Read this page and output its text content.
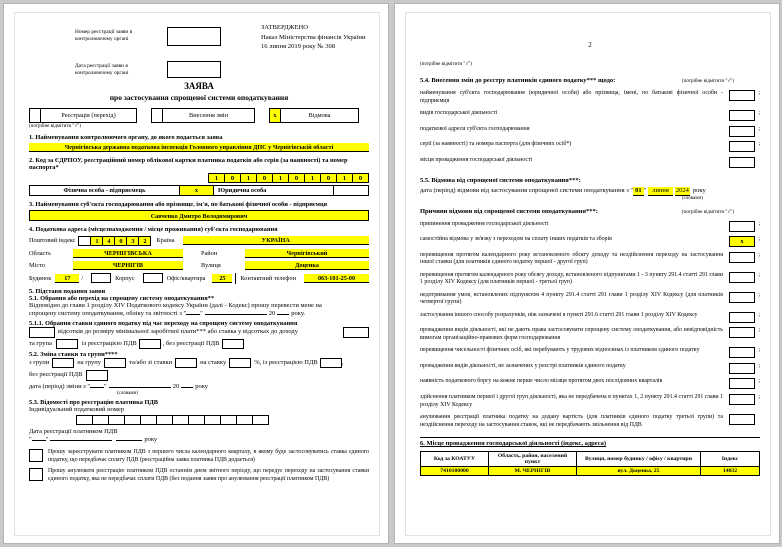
Номер реєстрації заяви в контролюючому органі
Дата реєстрації заяви в контролюючому органі
ЗАТВЕРДЖЕНО
Наказ Міністерства фінансів України
16 липня 2019 року № 308
ЗАЯВА
про застосування спрощеної системи оподаткування
Реєстрація (перехід)	Внесення змін	x	Відмова
(потрібне відмітити "√")
1. Найменування контролюючого органу, до якого подається заява
Чернігівська державна податкова інспекція Головного управління ДПС у Чернігівській області
2. Код за ЄДРПОУ, реєстраційний номер облікової картки платника податків або серія (за наявності) та номер паспорта*
1	0	1	0	1	0	1	0	1	0
Фізична особа - підприємець	x	Юридична особа
3. Найменування суб'єкта господарювання або прізвище, ім'я, по батькові фізичної особи - підприємця
Савченко Дмитро Володимирович
4. Податкова адреса (місцезнаходження / місце проживання) суб'єкта господарювання
Поштовий індекс	1	4	0	3	2	Країна	УКРАЇНА
Область	ЧЕРНІГІВСЬКА	Район	Чернігівський
Місто	ЧЕРНІГІВ	Вулиця	Доценка
Будинок	17	/	Корпус	Офіс/квартира	25	Контактний телефон	063-101-25-00
5. Підстави подання заяви
5.1. Обрання або перехід на спрощену систему оподаткування**
Відповідно до глави 1 розділу XIV Податкового кодексу України (далі - Кодекс) прошу перевести мене на
спрощену систему оподаткування, обліку та звітності з " "	20 року.
5.1.1. Обрання ставки єдиного податку під час переходу на спрощену систему оподаткування
відсотків до розміру мінімальної заробітної плати*** або ставка у відсотках до доходу
та група	із реєстрацією ПДВ	, без реєстрації ПДВ
5.2. Зміна ставки та групи****
з групи	на групу	та/або зі ставки	на ставку	%, із реєстрацією ПДВ	,
без реєстрації ПДВ
дата (період) зміни з " "	20 року
(словами)
5.3. Відомості про реєстрацію платника ПДВ
Індивідуальний податковий номер
Дата реєстрації платником ПДВ
" "	року

Прошу зареєструвати платником ПДВ з першого числа календарного кварталу, в якому буде застосовуватись ставка єдиного податку, що передбачає сплату ПДВ (реєстраційна заява платника ПДВ додається)

Прошу анулювати реєстрацію платником ПДВ останнім днем звітного періоду, що передує переходу на застосування ставки єдиного податку, яка не передбачає сплати ПДВ (без подання заяви про анулювання реєстрації платником ПДВ)

2
(потрібне відмітити "√")
5.4. Внесення змін до реєстру платників єдиного податку*** щодо:	(потрібне відмітити "√")
найменування суб'єкта господарювання (юридичної особи) або прізвища, імені, по батькові фізичної особи - підприємця
;
видів господарської діяльності	;
податкової адреси суб'єкта господарювання	;
серії (за наявності) та номера паспорта (для фізичних осіб*)	;
місця провадження господарської діяльності
5.5. Відмова від спрощеної системи оподаткування***:
дата (період) відмови від застосування спрощеної системи оподаткування з " 01 " липня	2024 року
(словами)
Причини відмови від спрощеної системи оподаткування***:	(потрібне відмітити "√")
припинення провадження господарської діяльності	;
самостійна відмова у зв'язку з переходом на сплату інших податків та зборів	x	;
перевищення протягом календарного року встановленого обсягу доходу та нездійснення переходу на застосування іншої ставки (для платників єдиного податку першої - другої груп)
;
перевищення протягом календарного року обсягу доходу, встановленого підпунктами 1 - 3 пункту 291.4 статті 291 глави 1 розділу XIV Кодексу (для платників першої - третьої груп)
;
недотримання умов, встановлених підпунктом 4 пункту 291.4 статті 291 глави 1 розділу XIV Кодексу (для платників четвертої групи)
;
застосування іншого способу розрахунків, ніж зазначені в пункті 291.6 статті 291 глави 1 розділу XIV Кодексу	;
провадження видів діяльності, які не дають права застосовувати спрощену систему оподаткування, або невідповідність вимогам організаційно-правових форм господарювання
;
перевищення чисельності фізичних осіб, які перебувають у трудових відносинах із платником єдиного податку	;
провадження видів діяльності, не зазначених у реєстрі платників єдиного податку	;
наявність податкового боргу на кожне перше число місяця протягом двох послідовних кварталів	;
здійснення платником першої і другої груп діяльності, яка не передбачена в пунктах 1, 2 пункту 291.4 статті 291 глави 1 розділу XIV Кодексу
;
анулювання реєстрації платника податку на додану вартість (для платників єдиного податку третьої групи) та нездійснення переходу на застосування ставок, які не передбачають звільнення від ПДВ
6. Місце провадження господарської діяльності (індекс, адреса)
Код за КОАТУУ	Область, район, населений пункт	Вулиця, номер будинку / офісу / квартири	Індекс
7410100000	М. ЧЕРНІГІВ	вул. Доценка, 25	14032
